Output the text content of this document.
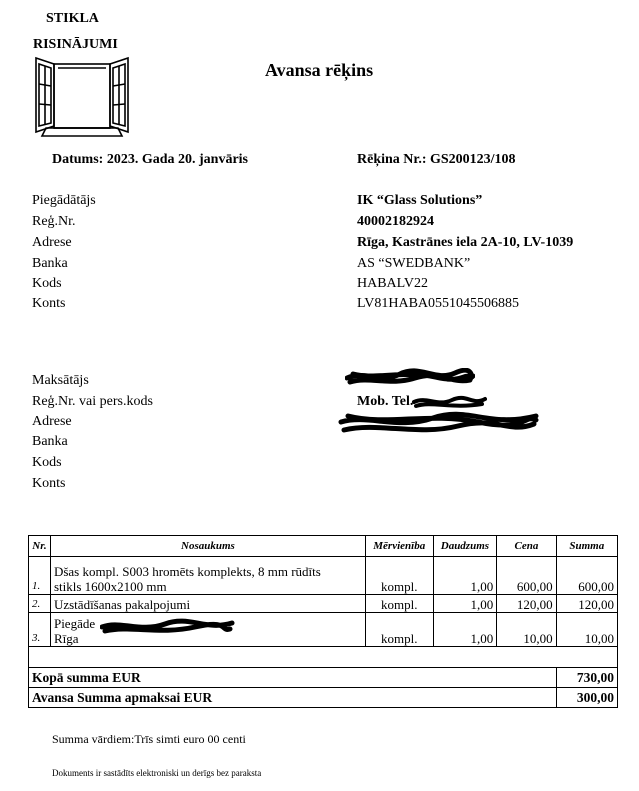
STIKLA
RISINĀJUMI
Avansa rēķins
Datums: 2023. Gada 20. janvāris	Rēķina Nr.: GS200123/108
Piegādātājs	IK “Glass Solutions”
Reģ.Nr.	40002182924
Adrese	Rīga, Kastrānes iela 2A-10, LV-1039
Banka	AS “SWEDBANK”
Kods	HABALV22
Konts	LV81HABA0551045506885
Maksātājs
Reģ.Nr. vai pers.kods
Adrese
Banka
Kods
Konts
Mob. Tel.
Nr.	Nosaukums	Mērvienība	Daudzums	Cena	Summa
1.	Dšas kompl. S003 hromēts komplekts, 8 mm rūdīts
stikls 1600x2100 mm	kompl.	1,00	600,00	600,00
2.	Uzstādīšanas pakalpojumi	kompl.	1,00	120,00	120,00
3.	Piegāde
Rīga	kompl.	1,00	10,00	10,00

Kopā summa EUR					730,00
Avansa Summa apmaksai EUR					300,00
Summa vārdiem:Trīs simti euro 00 centi
Dokuments ir sastādīts elektroniski un derīgs bez paraksta
